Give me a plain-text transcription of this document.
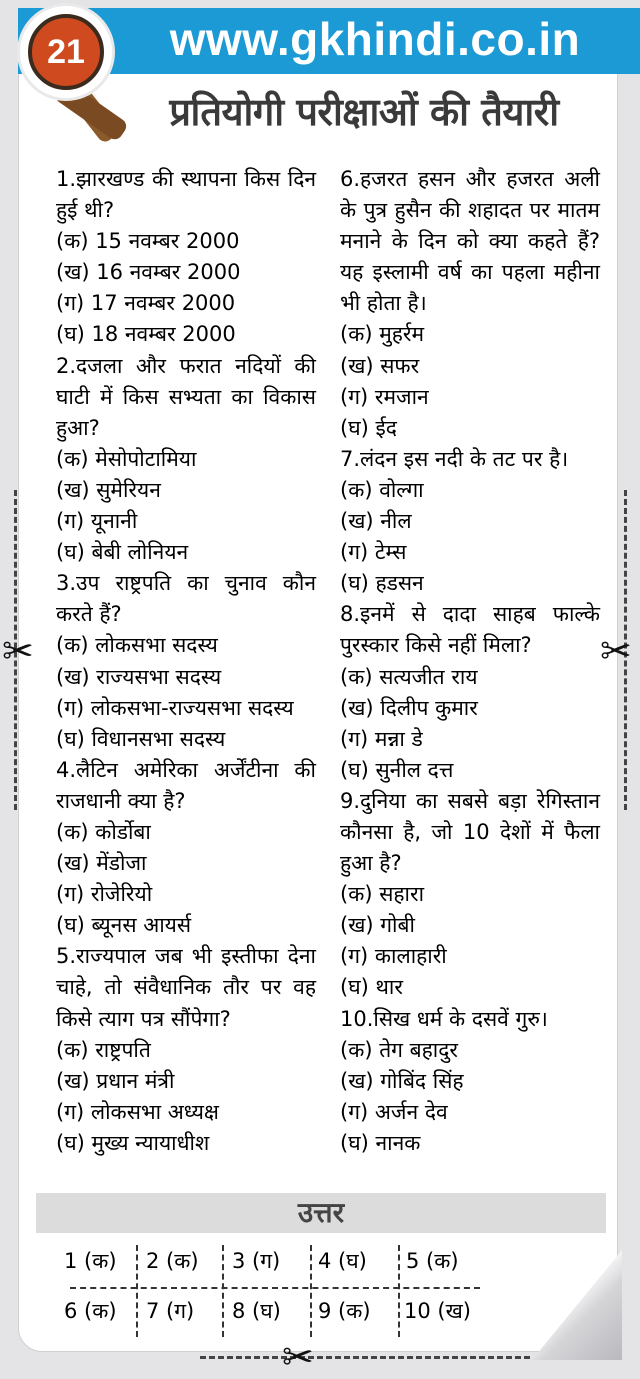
www.gkhindi.co.in
21
प्रतियोगी परीक्षाओं की तैयारी
1.झारखण्ड की स्थापना किस दिन हुई थी?
(क) 15 नवम्बर 2000
(ख) 16 नवम्बर 2000
(ग) 17 नवम्बर 2000
(घ) 18 नवम्बर 2000
2.दजला और फरात नदियों की घाटी में किस सभ्यता का विकास हुआ?
(क) मेसोपोटामिया
(ख) सुमेरियन
(ग) यूनानी
(घ) बेबी लोनियन
3.उप राष्ट्रपति का चुनाव कौन करते हैं?
(क) लोकसभा सदस्य
(ख) राज्यसभा सदस्य
(ग) लोकसभा-राज्यसभा सदस्य
(घ) विधानसभा सदस्य
4.लैटिन अमेरिका अर्जेंटीना की राजधानी क्या है?
(क) कोर्डोबा
(ख) मेंडोजा
(ग) रोजेरियो
(घ) ब्यूनस आयर्स
5.राज्यपाल जब भी इस्तीफा देना चाहे, तो संवैधानिक तौर पर वह किसे त्याग पत्र सौंपेगा?
(क) राष्ट्रपति
(ख) प्रधान मंत्री
(ग) लोकसभा अध्यक्ष
(घ) मुख्य न्यायाधीश
6.हजरत हसन और हजरत अली के पुत्र हुसैन की शहादत पर मातम मनाने के दिन को क्या कहते हैं? यह इस्लामी वर्ष का पहला महीना भी होता है।
(क) मुहर्रम
(ख) सफर
(ग) रमजान
(घ) ईद
7.लंदन इस नदी के तट पर है।
(क) वोल्गा
(ख) नील
(ग) टेम्स
(घ) हडसन
8.इनमें से दादा साहब फाल्के पुरस्कार किसे नहीं मिला?
(क) सत्यजीत राय
(ख) दिलीप कुमार
(ग) मन्ना डे
(घ) सुनील दत्त
9.दुनिया का सबसे बड़ा रेगिस्तान कौनसा है, जो 10 देशों में फैला हुआ है?
(क) सहारा
(ख) गोबी
(ग) कालाहारी
(घ) थार
10.सिख धर्म के दसवें गुरु।
(क) तेग बहादुर
(ख) गोबिंद सिंह
(ग) अर्जन देव
(घ) नानक
✂	✂
उत्तर
1 (क) 2 (क) 3 (ग) 4 (घ) 5 (क)
6 (क) 7 (ग) 8 (घ) 9 (क) 10 (ख)
✂
